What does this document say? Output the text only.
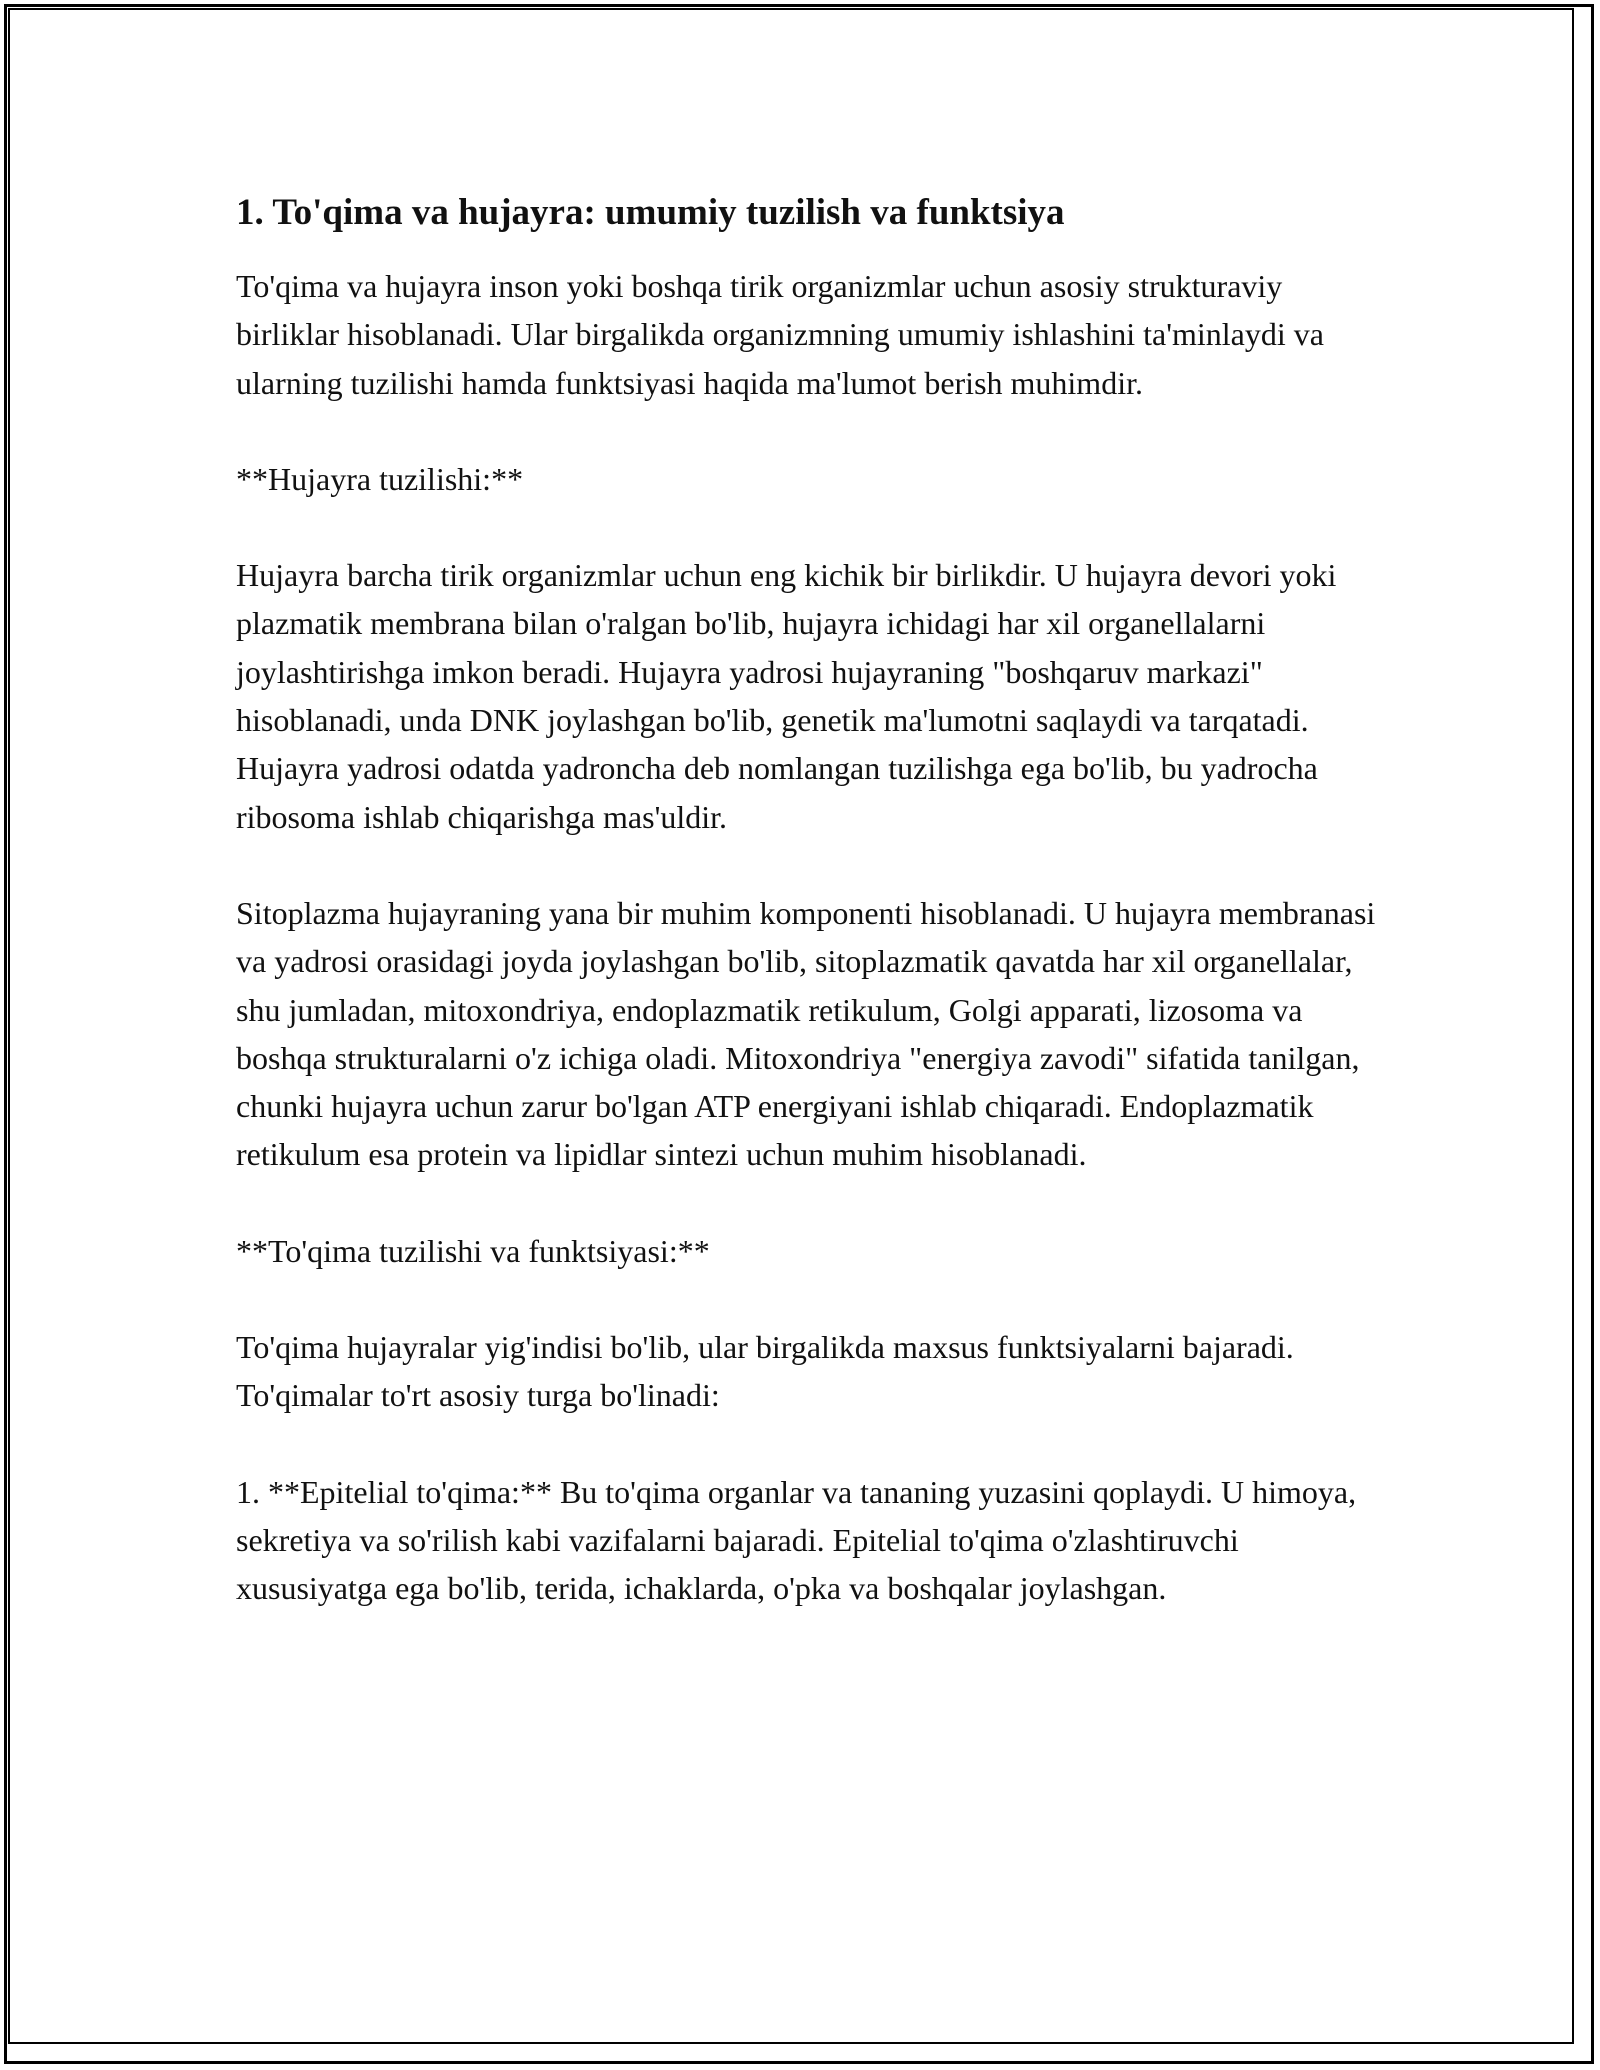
1. To'qima va hujayra: umumiy tuzilish va funktsiya

To'qima va hujayra inson yoki boshqa tirik organizmlar uchun asosiy strukturaviy birliklar hisoblanadi. Ular birgalikda organizmning umumiy ishlashini ta'minlaydi va ularning tuzilishi hamda funktsiyasi haqida ma'lumot berish muhimdir.

**Hujayra tuzilishi:**

Hujayra barcha tirik organizmlar uchun eng kichik bir birlikdir. U hujayra devori yoki plazmatik membrana bilan o'ralgan bo'lib, hujayra ichidagi har xil organellalarni joylashtirishga imkon beradi. Hujayra yadrosi hujayraning "boshqaruv markazi" hisoblanadi, unda DNK joylashgan bo'lib, genetik ma'lumotni saqlaydi va tarqatadi. Hujayra yadrosi odatda yadroncha deb nomlangan tuzilishga ega bo'lib, bu yadrocha ribosoma ishlab chiqarishga mas'uldir.

Sitoplazma hujayraning yana bir muhim komponenti hisoblanadi. U hujayra membranasi va yadrosi orasidagi joyda joylashgan bo'lib, sitoplazmatik qavatda har xil organellalar, shu jumladan, mitoxondriya, endoplazmatik retikulum, Golgi apparati, lizosoma va boshqa strukturalarni o'z ichiga oladi. Mitoxondriya "energiya zavodi" sifatida tanilgan, chunki hujayra uchun zarur bo'lgan ATP energiyani ishlab chiqaradi. Endoplazmatik retikulum esa protein va lipidlar sintezi uchun muhim hisoblanadi.

**To'qima tuzilishi va funktsiyasi:**

To'qima hujayralar yig'indisi bo'lib, ular birgalikda maxsus funktsiyalarni bajaradi. To'qimalar to'rt asosiy turga bo'linadi:

1. **Epitelial to'qima:** Bu to'qima organlar va tananing yuzasini qoplaydi. U himoya, sekretiya va so'rilish kabi vazifalarni bajaradi. Epitelial to'qima o'zlashtiruvchi xususiyatga ega bo'lib, terida, ichaklarda, o'pka va boshqalar joylashgan.
